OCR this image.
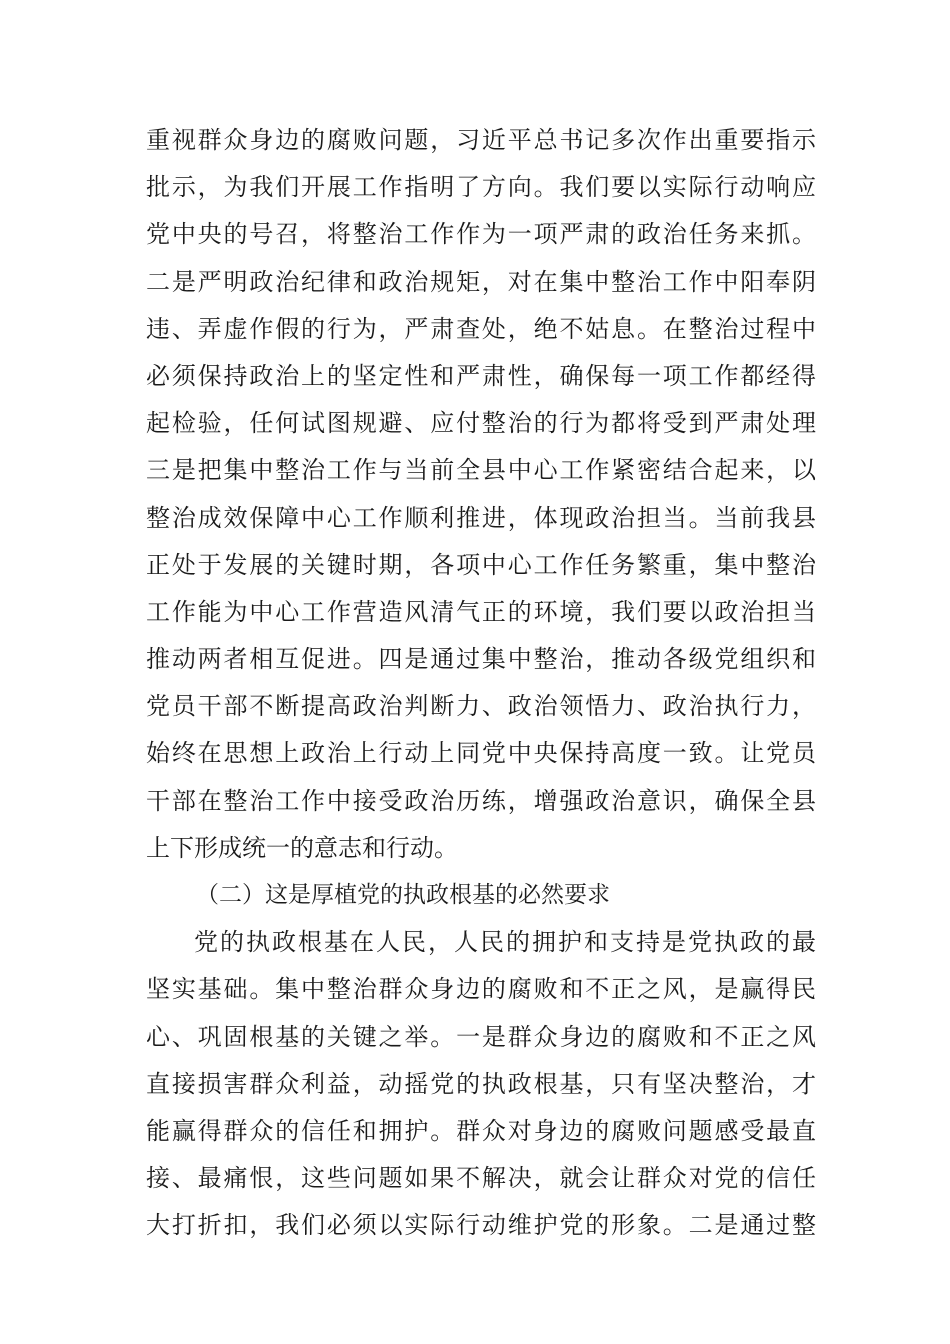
重视群众身边的腐败问题，习近平总书记多次作出重要指示
批示，为我们开展工作指明了方向。我们要以实际行动响应
党中央的号召，将整治工作作为一项严肃的政治任务来抓。
二是严明政治纪律和政治规矩，对在集中整治工作中阳奉阴
违、弄虚作假的行为，严肃查处，绝不姑息。在整治过程中
必须保持政治上的坚定性和严肃性，确保每一项工作都经得
起检验，任何试图规避、应付整治的行为都将受到严肃处理
三是把集中整治工作与当前全县中心工作紧密结合起来，以
整治成效保障中心工作顺利推进，体现政治担当。当前我县
正处于发展的关键时期，各项中心工作任务繁重，集中整治
工作能为中心工作营造风清气正的环境，我们要以政治担当
推动两者相互促进。四是通过集中整治，推动各级党组织和
党员干部不断提高政治判断力、政治领悟力、政治执行力，
始终在思想上政治上行动上同党中央保持高度一致。让党员
干部在整治工作中接受政治历练，增强政治意识，确保全县
上下形成统一的意志和行动。
（二）这是厚植党的执政根基的必然要求
党的执政根基在人民，人民的拥护和支持是党执政的最
坚实基础。集中整治群众身边的腐败和不正之风，是赢得民
心、巩固根基的关键之举。一是群众身边的腐败和不正之风
直接损害群众利益，动摇党的执政根基，只有坚决整治，才
能赢得群众的信任和拥护。群众对身边的腐败问题感受最直
接、最痛恨，这些问题如果不解决，就会让群众对党的信任
大打折扣，我们必须以实际行动维护党的形象。二是通过整
